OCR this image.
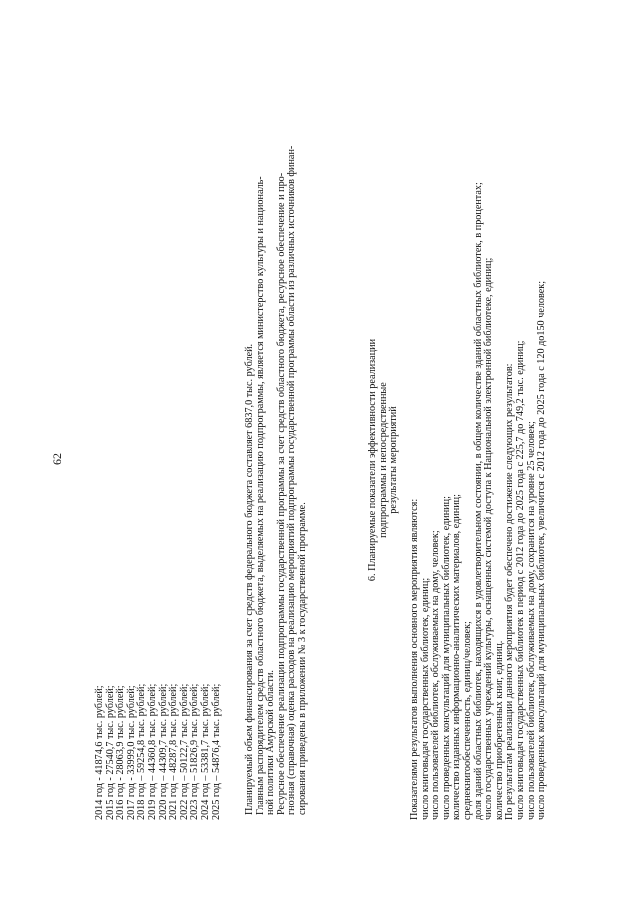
62
2014 год - 41874,6 тыс. рублей; 2015 год - 27540,7 тыс. рублей; 2016 год - 28063,9 тыс. рублей; 2017 год - 33999,0 тыс. рублей; 2018 год – 59254,8 тыс. рублей; 2019 год – 44360,8 тыс. рублей; 2020 год – 44309,7 тыс. рублей; 2021 год – 48287,8 тыс. рублей; 2022 год – 50122,7 тыс. рублей; 2023 год – 51826,9 тыс. рублей; 2024 год – 53381,7 тыс. рублей; 2025 год – 54876,4 тыс. рублей; Планируемый объем финансирования за счет средств федерального бюджета составляет 6837,0 тыс. рублей. Главным распорядителем средств областного бюджета, выделяемых на реализацию подпрограммы, является министерство культуры и националь- ной политики Амурской области. Ресурсное обеспечение реализации подпрограммы государственной программы за счет средств областного бюджета, ресурсное обеспечение и про- гнозная (справочная) оценка расходов на реализацию мероприятий подпрограммы государственной программы области из различных источников финан- сирования приведены в приложении № 3 к государственной программе.
6. Планируемые показатели эффективности реализации подпрограммы и непосредственные результаты мероприятий
Показателями результатов выполнения основного мероприятия являются: число книговыдач государственных библиотек, единиц; число пользователей библиотек, обслуживаемых на дому, человек; число проведенных консультаций для муниципальных библиотек, единиц; количество изданных информационно-аналитических материалов, единиц; среднекнигообеспеченность, единиц/человек; доля зданий областных библиотек, находящихся в удовлетворительном состоянии, в общем количестве зданий областных библиотек, в процентах; число государственных учреждений культуры, оснащенных системой доступа к Национальной электронной библиотеке, единиц; количество приобретенных книг, единиц. По результатам реализации данного мероприятия будет обеспечено достижение следующих результатов: число книговыдач государственных библиотек в период с 2012 года до 2025 года с 225,7 до 749,2 тыс. единиц; число пользователей библиотек, обслуживаемых на дому, сохранится на уровне 25 человек; число проведенных консультаций для муниципальных библиотек, увеличится с 2012 года до 2025 года с 120 до150 человек;
